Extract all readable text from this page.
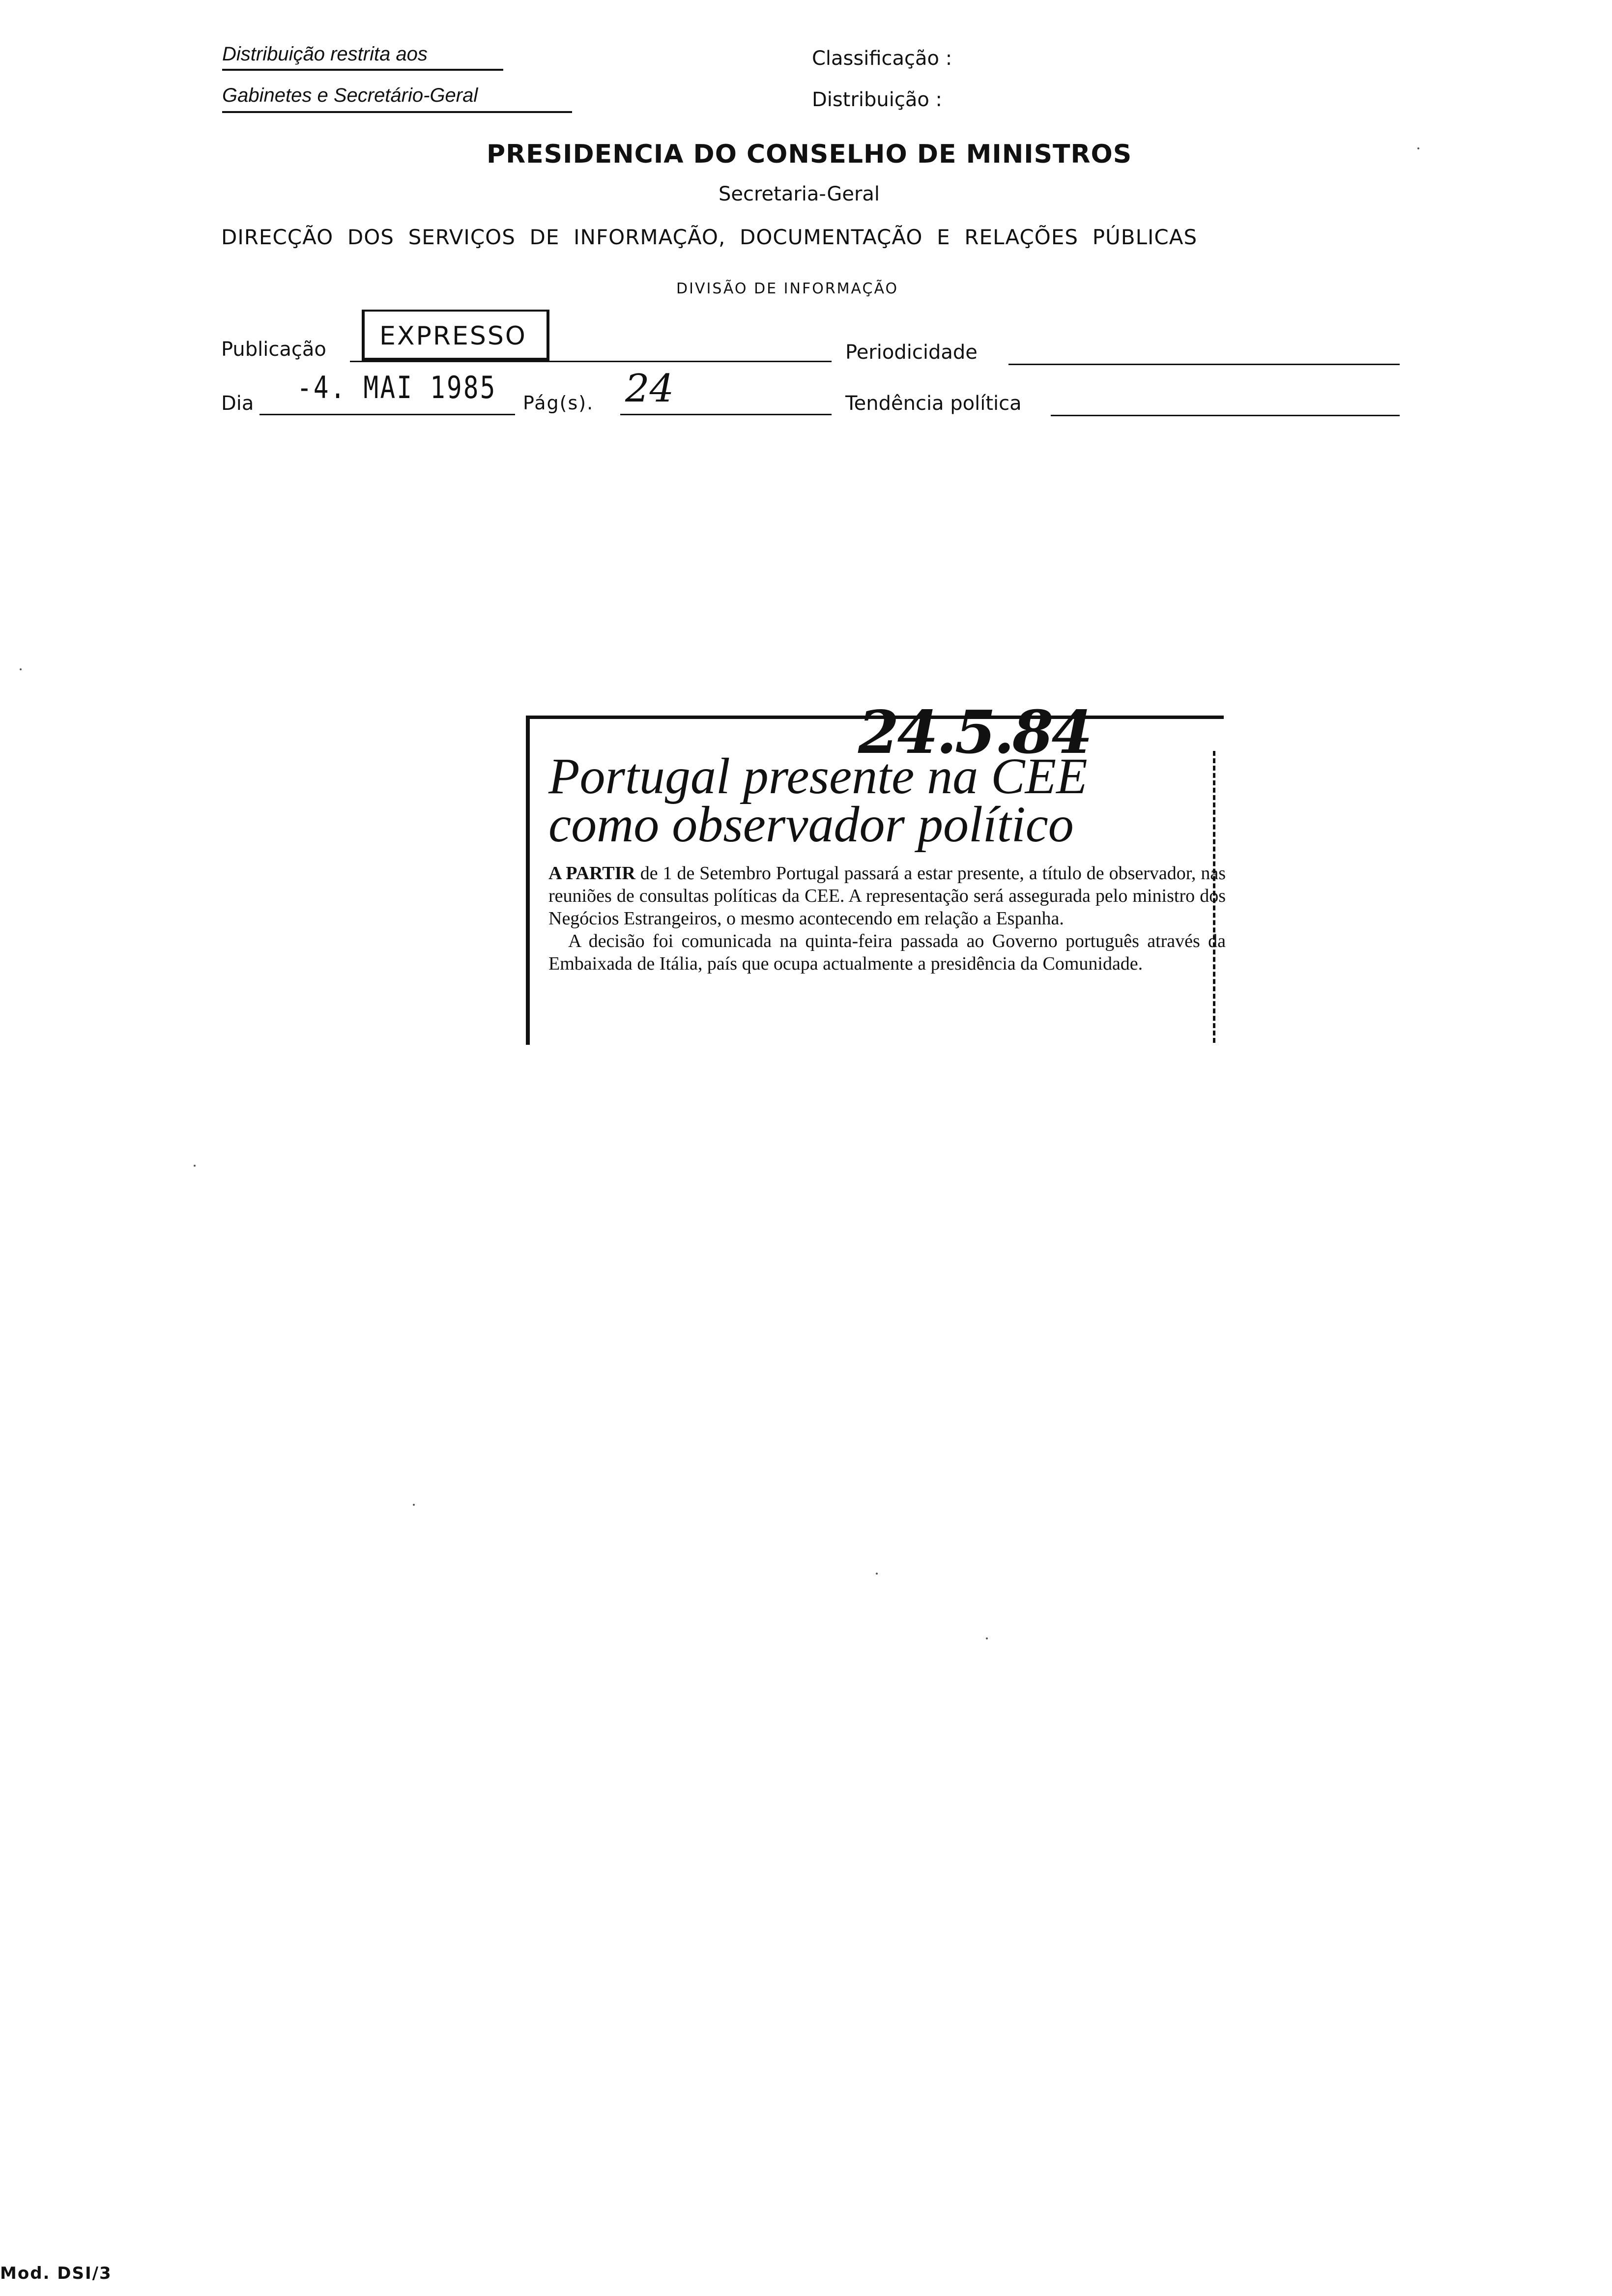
Distribuição restrita aos
Gabinetes e Secretário-Geral
Classificação :
Distribuição :
PRESIDENCIA DO CONSELHO DE MINISTROS
Secretaria-Geral
DIRECÇÃO  DOS  SERVIÇOS  DE  INFORMAÇÃO,  DOCUMENTAÇÃO  E  RELAÇÕES  PÚBLICAS
DIVISÃO DE INFORMAÇÃO
Publicação EXPRESSO
Periodicidade
Dia -4. MAI 1985 Pág(s). 24	Tendência política
24.5.84
Portugal presente na CEE
como observador político

A PARTIR de 1 de Setembro Portugal passará a estar presente, a título de observador, nas reuniões de consultas políticas da CEE. A representação será assegurada pelo ministro dos Negócios Estrangeiros, o mesmo acontecendo em relação a Espanha.

A decisão foi comunicada na quinta-feira passada ao Governo português através da Embaixada de Itália, país que ocupa actualmente a presidência da Comunidade.

Mod. DSI/3
